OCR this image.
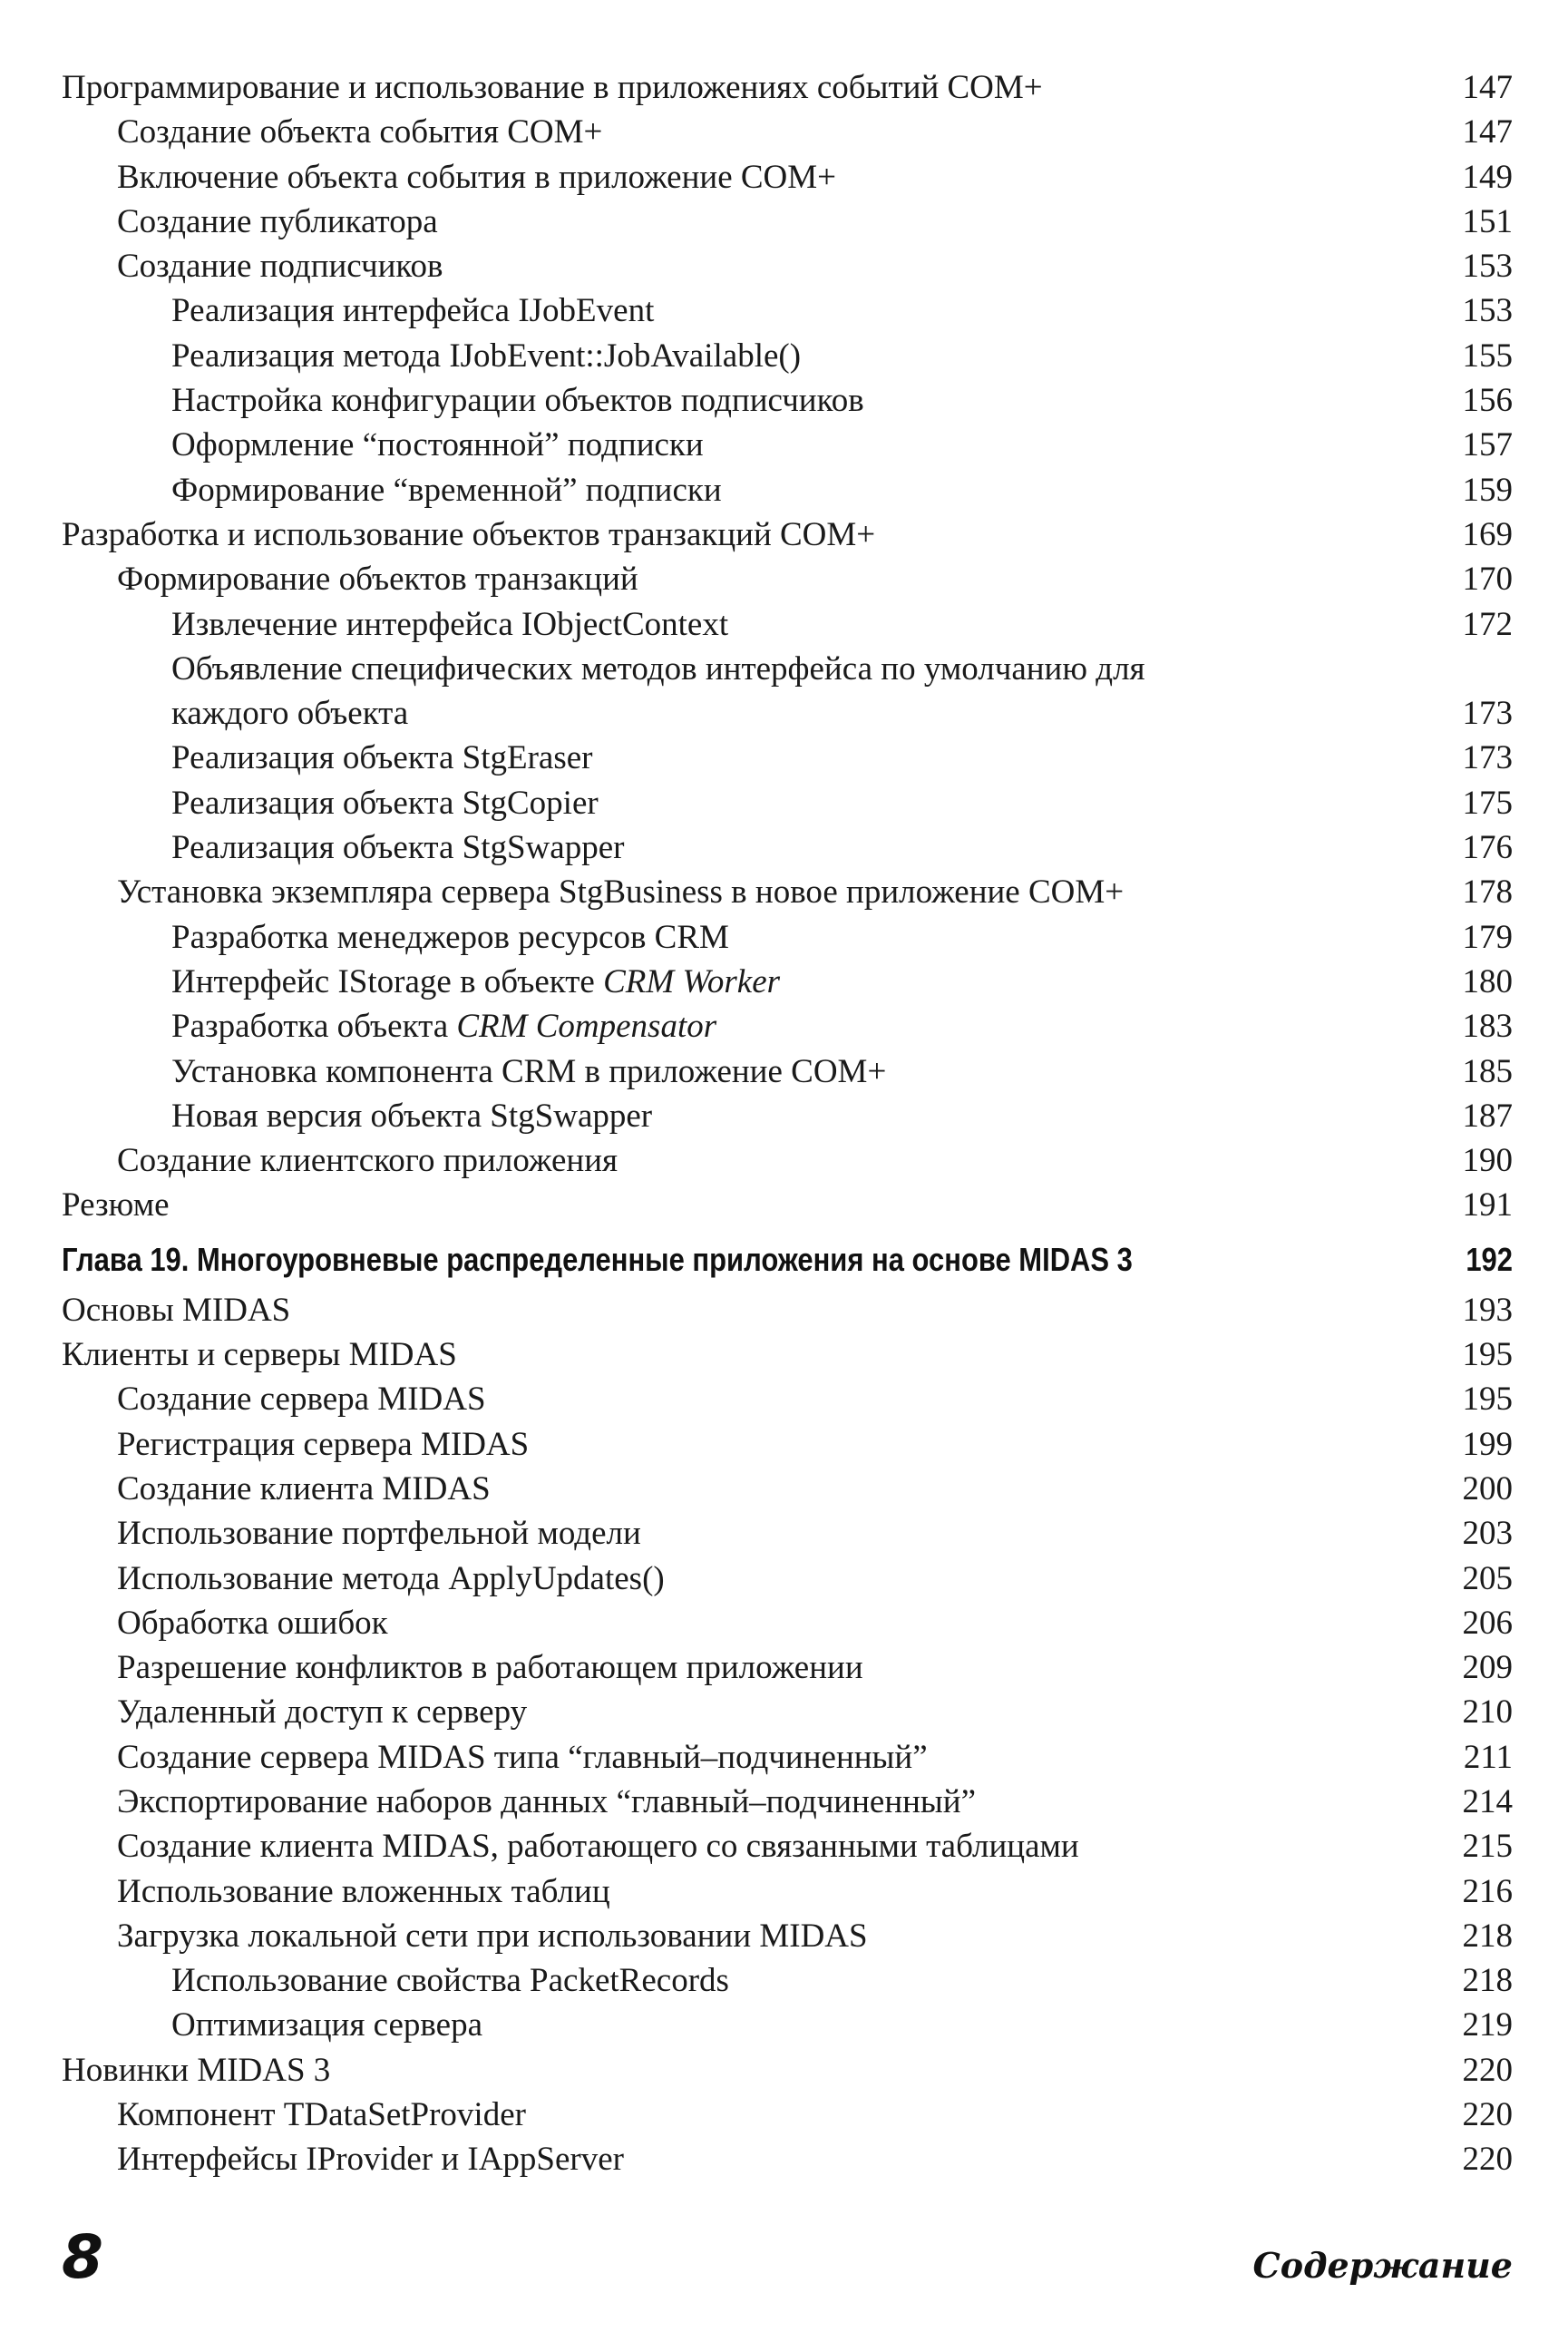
Программирование и использование в приложениях событий COM+	147
Создание объекта события COM+	147
Включение объекта события в приложение COM+	149
Создание публикатора	151
Создание подписчиков	153
Реализация интерфейса IJobEvent	153
Реализация метода IJobEvent::JobAvailable()	155
Настройка конфигурации объектов подписчиков	156
Оформление “постоянной” подписки	157
Формирование “временной” подписки	159
Разработка и использование объектов транзакций COM+	169
Формирование объектов транзакций	170
Извлечение интерфейса IObjectContext	172
Объявление специфических методов интерфейса по умолчанию для
каждого объекта	173
Реализация объекта StgEraser	173
Реализация объекта StgCopier	175
Реализация объекта StgSwapper	176
Установка экземпляра сервера StgBusiness в новое приложение COM+	178
Разработка менеджеров ресурсов CRM	179
Интерфейс IStorage в объекте CRM Worker	180
Разработка объекта CRM Compensator	183
Установка компонента CRM в приложение COM+	185
Новая версия объекта StgSwapper	187
Создание клиентского приложения	190
Резюме	191
Глава 19. Многоуровневые распределенные приложения на основе MIDAS 3	192
Основы MIDAS	193
Клиенты и серверы MIDAS	195
Создание сервера MIDAS	195
Регистрация сервера MIDAS	199
Создание клиента MIDAS	200
Использование портфельной модели	203
Использование метода ApplyUpdates()	205
Обработка ошибок	206
Разрешение конфликтов в работающем приложении	209
Удаленный доступ к серверу	210
Создание сервера MIDAS типа “главный–подчиненный”	211
Экспортирование наборов данных “главный–подчиненный”	214
Создание клиента MIDAS, работающего со связанными таблицами	215
Использование вложенных таблиц	216
Загрузка локальной сети при использовании MIDAS	218
Использование свойства PacketRecords	218
Оптимизация сервера	219
Новинки MIDAS 3	220
Компонент TDataSetProvider	220
Интерфейсы IProvider и IAppServer	220
8	Содержание
